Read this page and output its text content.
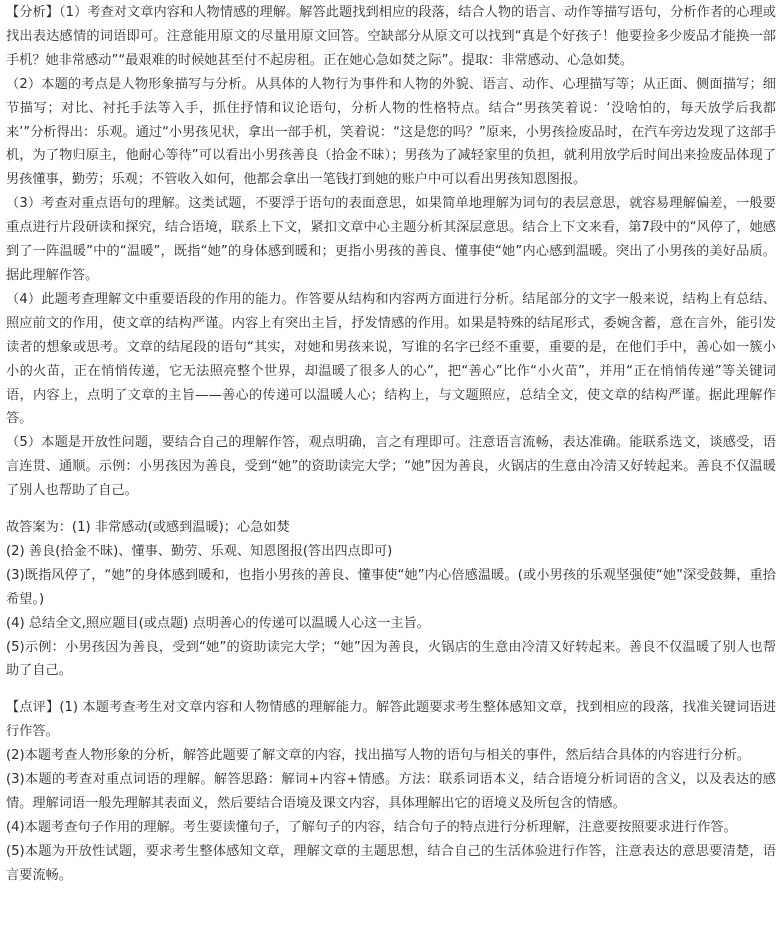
【分析】（1）考查对文章内容和人物情感的理解。解答此题找到相应的段落，结合人物的语言、动作等描写语句，分析作者的心理或找出表达感情的词语即可。注意能用原文的尽量用原文回答。空缺部分从原文可以找到“真是个好孩子！他要捡多少废品才能换一部手机？她非常感动”“最艰难的时候她甚至付不起房租。正在她心急如焚之际”。提取：非常感动、心急如焚。

（2）本题的考点是人物形象描写与分析。从具体的人物行为事件和人物的外貌、语言、动作、心理描写等；从正面、侧面描写；细节描写；对比、衬托手法等入手，抓住抒情和议论语句，分析人物的性格特点。结合“男孩笑着说：‘没啥怕的，每天放学后我都来’”分析得出：乐观。通过“小男孩见状，拿出一部手机，笑着说：“这是您的吗？”原来，小男孩捡废品时，在汽车旁边发现了这部手机，为了物归原主，他耐心等待”可以看出小男孩善良（拾金不昧）；男孩为了减轻家里的负担，就利用放学后时间出来捡废品体现了男孩懂事，勤劳；乐观；不管收入如何，他都会拿出一笔钱打到她的账户中可以看出男孩知恩图报。

（3）考查对重点语句的理解。这类试题，不要浮于语句的表面意思，如果简单地理解为词句的表层意思，就容易理解偏差，一般要重点进行片段研读和探究，结合语境，联系上下文，紧扣文章中心主题分析其深层意思。结合上下文来看，第7段中的“风停了，她感到了一阵温暖”中的“温暖”，既指“她”的身体感到暖和；更指小男孩的善良、懂事使“她”内心感到温暖。突出了小男孩的美好品质。据此理解作答。

（4）此题考查理解文中重要语段的作用的能力。作答要从结构和内容两方面进行分析。结尾部分的文字一般来说，结构上有总结、照应前文的作用，使文章的结构严谨。内容上有突出主旨，抒发情感的作用。如果是特殊的结尾形式，委婉含蓄，意在言外，能引发读者的想象或思考。文章的结尾段的语句“其实，对她和男孩来说，写谁的名字已经不重要，重要的是，在他们手中，善心如一簇小小的火苗，正在悄悄传递，它无法照亮整个世界，却温暖了很多人的心”，把“善心”比作“小火苗”，并用“正在悄悄传递”等关键词语，内容上，点明了文章的主旨——善心的传递可以温暖人心；结构上，与文题照应，总结全文，使文章的结构严谨。据此理解作答。

（5）本题是开放性问题，要结合自己的理解作答，观点明确，言之有理即可。注意语言流畅，表达准确。能联系选文，谈感受，语言连贯、通顺。示例：小男孩因为善良，受到“她”的资助读完大学；“她”因为善良，火锅店的生意由冷清又好转起来。善良不仅温暖了别人也帮助了自己。

故答案为：(1) 非常感动(或感到温暖)；心急如焚

(2) 善良(拾金不昧)、懂事、勤劳、乐观、知恩图报(答出四点即可)

(3)既指风停了，“她”的身体感到暖和，也指小男孩的善良、懂事使“她”内心倍感温暖。(或小男孩的乐观坚强使“她”深受鼓舞，重拾希望。)

(4) 总结全文,照应题目(或点题) 点明善心的传递可以温暖人心这一主旨。

(5)示例：小男孩因为善良，受到“她”的资助读完大学；“她”因为善良，火锅店的生意由冷清又好转起来。善良不仅温暖了别人也帮助了自己。

【点评】(1) 本题考查考生对文章内容和人物情感的理解能力。解答此题要求考生整体感知文章，找到相应的段落，找准关键词语进行作答。

(2)本题考查人物形象的分析，解答此题要了解文章的内容，找出描写人物的语句与相关的事件，然后结合具体的内容进行分析。

(3)本题的考查对重点词语的理解。解答思路：解词+内容+情感。方法：联系词语本义，结合语境分析词语的含义，以及表达的感情。理解词语一般先理解其表面义，然后要结合语境及课文内容，具体理解出它的语境义及所包含的情感。

(4)本题考查句子作用的理解。考生要读懂句子，了解句子的内容，结合句子的特点进行分析理解，注意要按照要求进行作答。

(5)本题为开放性试题，要求考生整体感知文章，理解文章的主题思想，结合自己的生活体验进行作答，注意表达的意思要清楚，语言要流畅。
